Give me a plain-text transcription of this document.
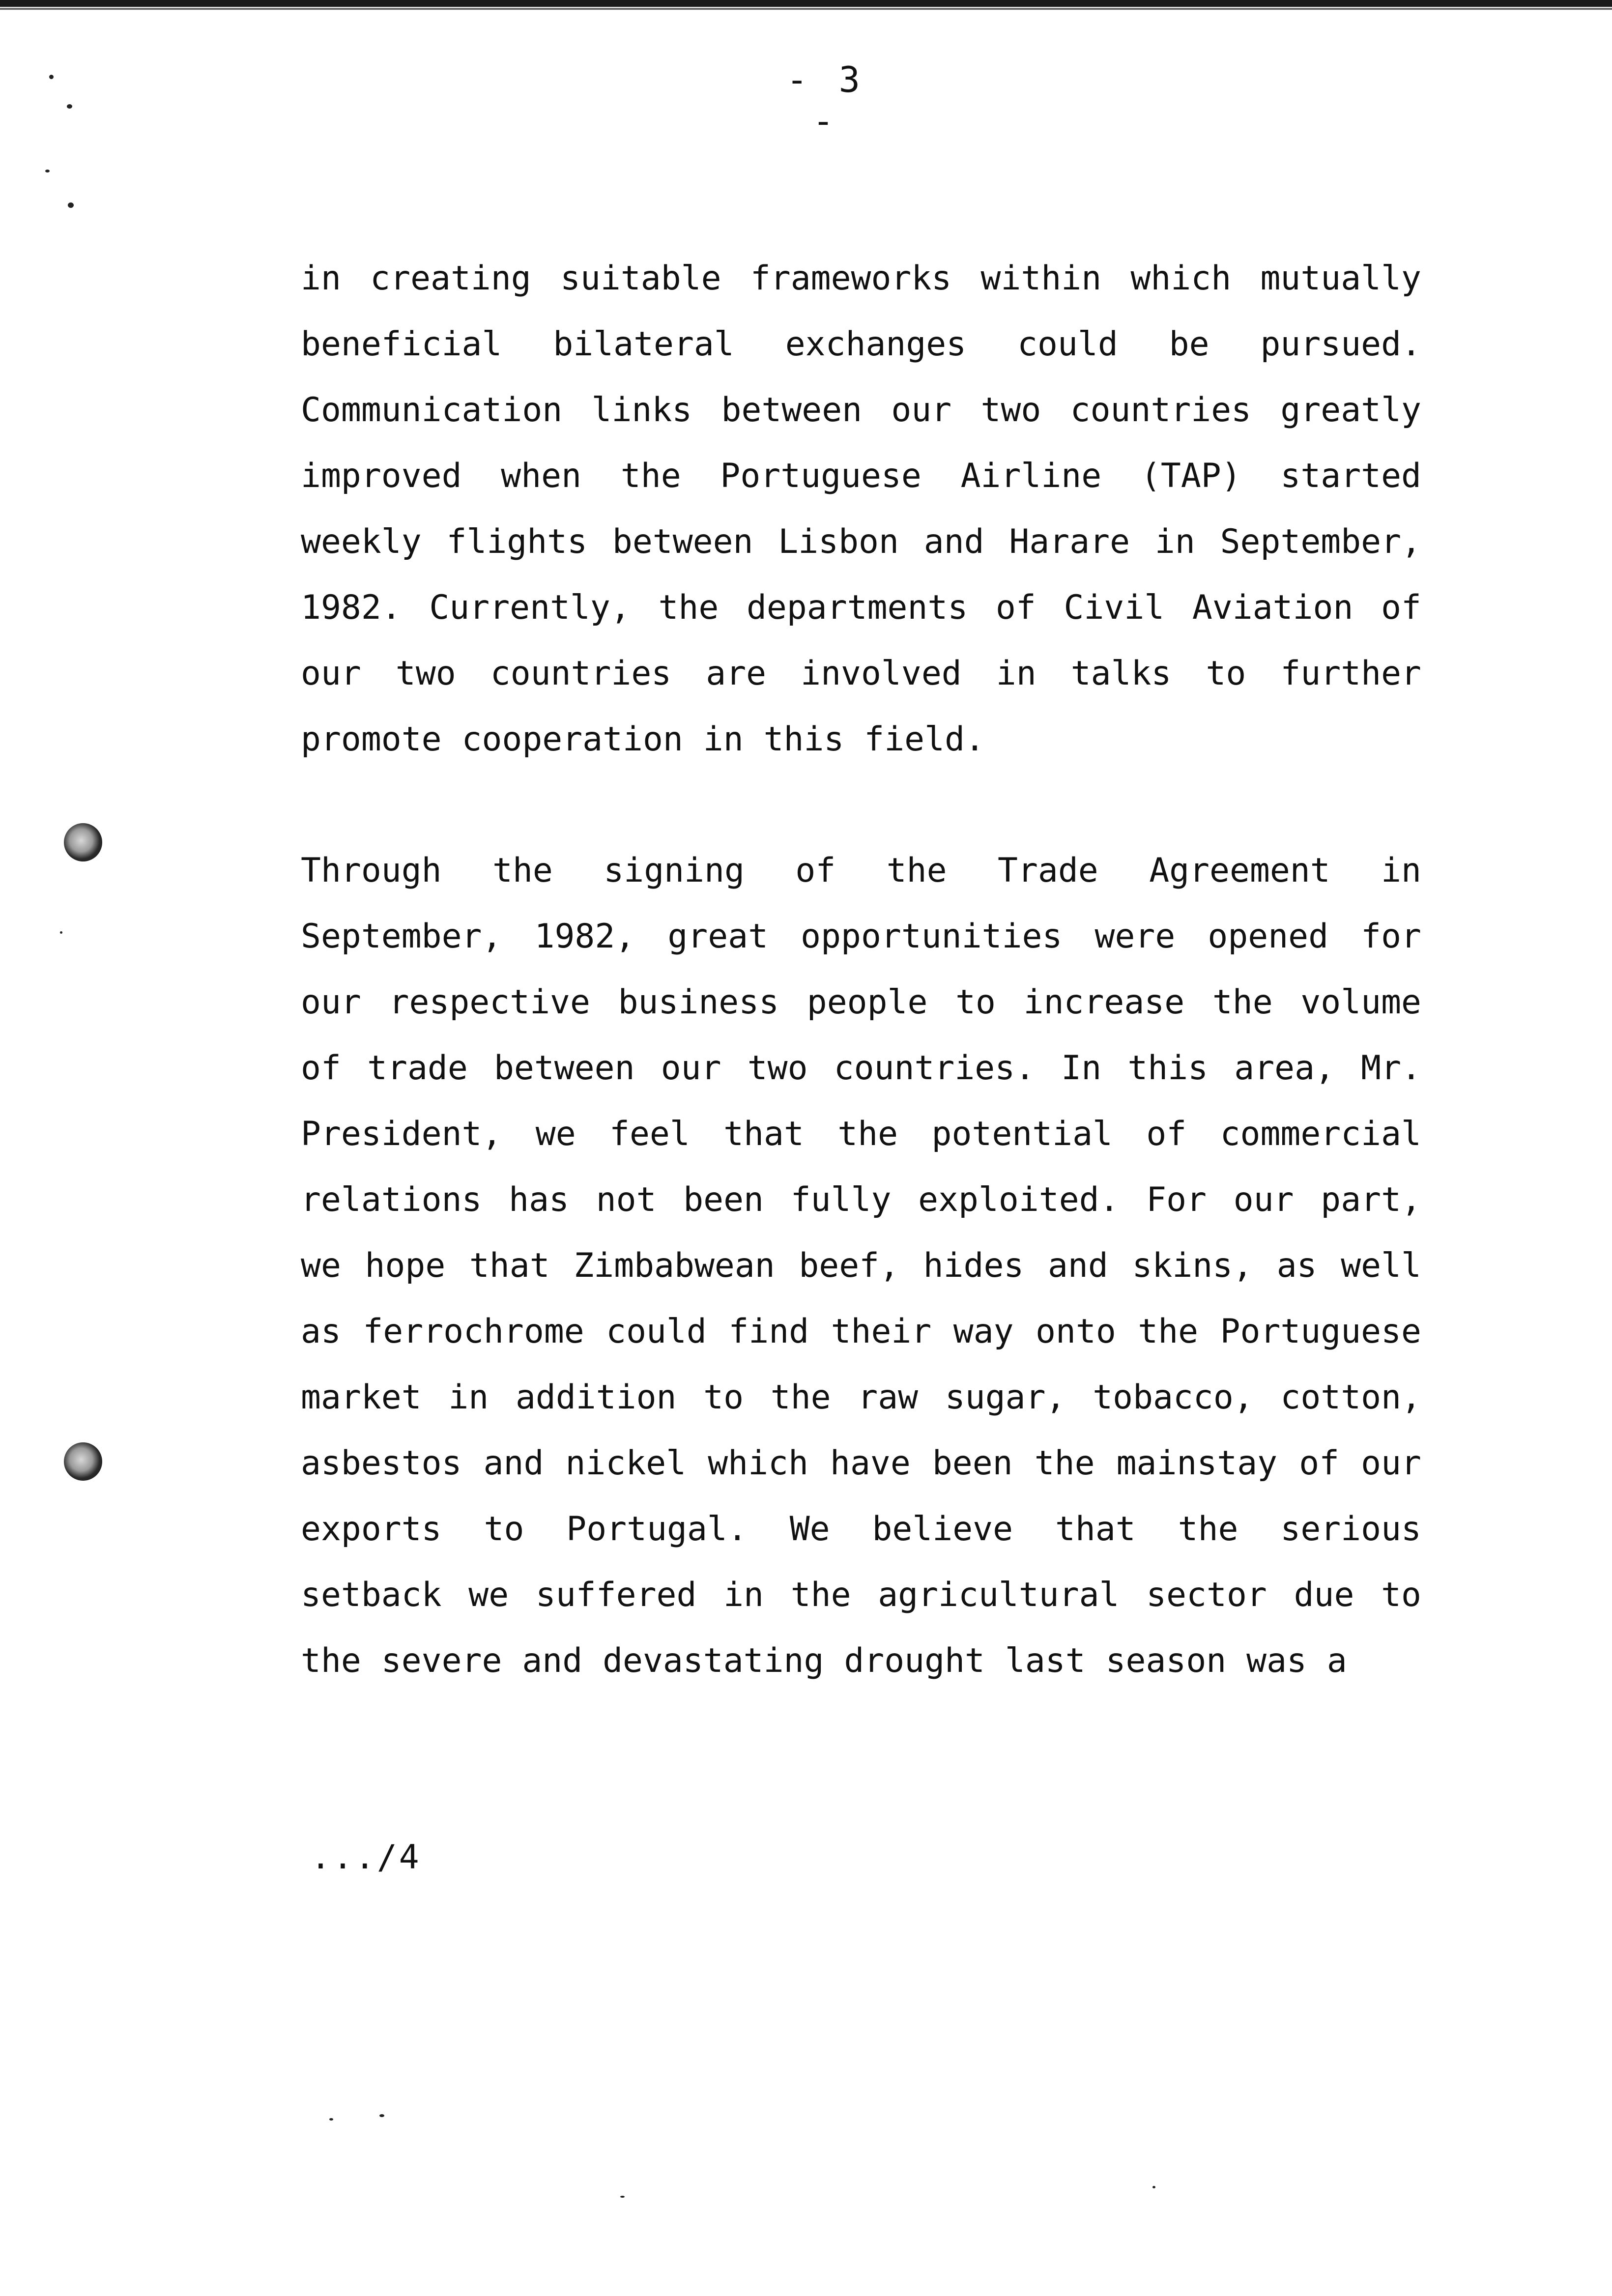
- 3 -

in creating suitable frameworks within which mutually beneficial bilateral exchanges could be pursued. Communication links between our two countries greatly improved when the Portuguese Airline (TAP) started weekly flights between Lisbon and Harare in September, 1982. Currently, the departments of Civil Aviation of our two countries are involved in talks to further promote cooperation in this field.

Through the signing of the Trade Agreement in September, 1982, great opportunities were opened for our respective business people to increase the volume of trade between our two countries. In this area, Mr. President, we feel that the potential of commercial relations has not been fully exploited. For our part, we hope that Zimbabwean beef, hides and skins, as well as ferrochrome could find their way onto the Portuguese market in addition to the raw sugar, tobacco, cotton, asbestos and nickel which have been the mainstay of our exports to Portugal. We believe that the serious setback we suffered in the agricultural sector due to the severe and devastating drought last season was a

.../4
